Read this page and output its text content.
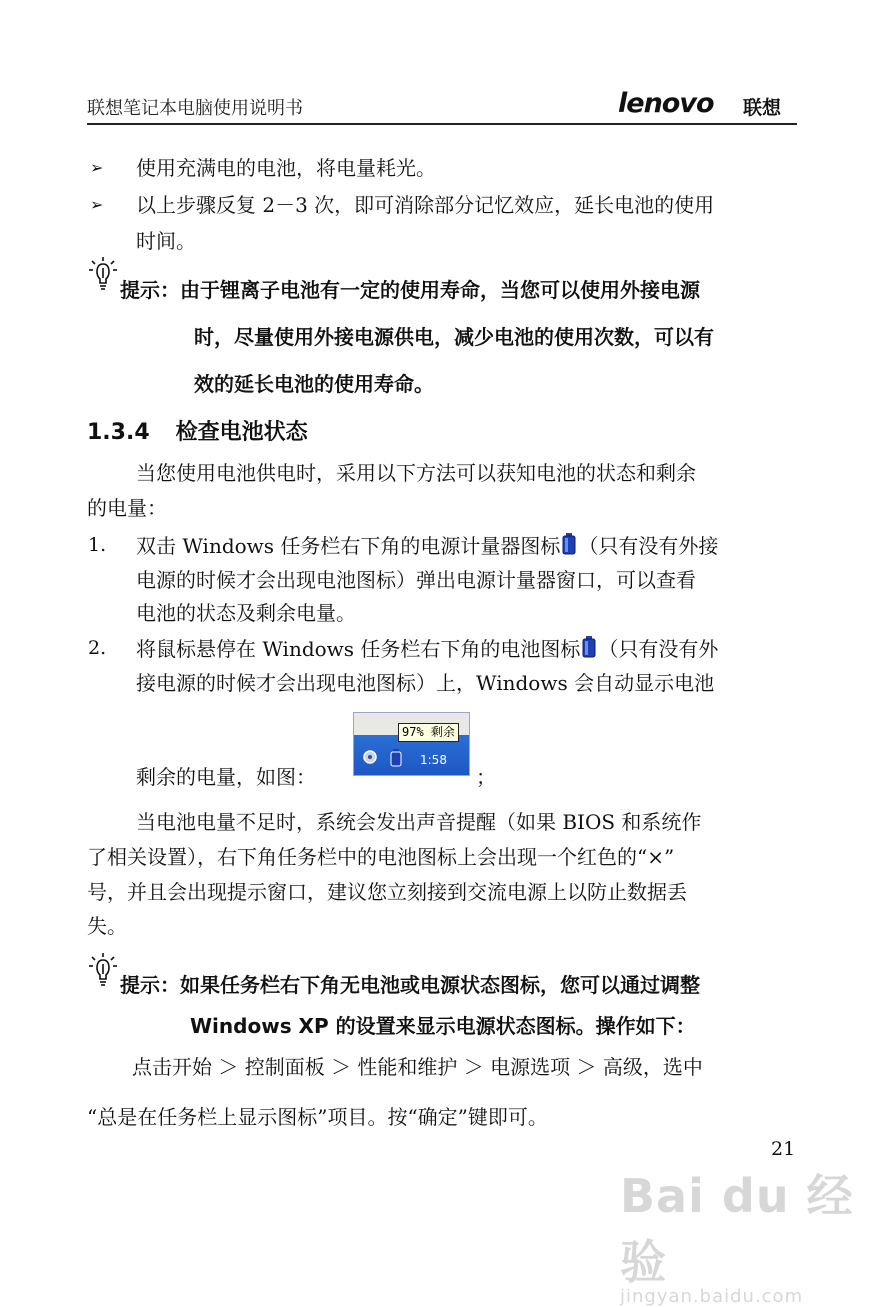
联想笔记本电脑使用说明书	lenovo 联想
➢ 使用充满电的电池，将电量耗光。
➢ 以上步骤反复 2－3 次，即可消除部分记忆效应，延长电池的使用
时间。
提示：由于锂离子电池有一定的使用寿命，当您可以使用外接电源
时，尽量使用外接电源供电，减少电池的使用次数，可以有
效的延长电池的使用寿命。
1.3.4 检查电池状态
当您使用电池供电时，采用以下方法可以获知电池的状态和剩余
的电量：
1. 双击 Windows 任务栏右下角的电源计量器图标 （只有没有外接
电源的时候才会出现电池图标）弹出电源计量器窗口，可以查看
电池的状态及剩余电量。
2. 将鼠标悬停在 Windows 任务栏右下角的电池图标 （只有没有外
接电源的时候才会出现电池图标）上，Windows 会自动显示电池
剩余的电量，如图：	；
97% 剩余
1:58
当电池电量不足时，系统会发出声音提醒（如果 BIOS 和系统作
了相关设置），右下角任务栏中的电池图标上会出现一个红色的“×”
号，并且会出现提示窗口，建议您立刻接到交流电源上以防止数据丢
失。
提示：如果任务栏右下角无电池或电源状态图标，您可以通过调整
Windows XP 的设置来显示电源状态图标。操作如下：
点击开始 ＞ 控制面板 ＞ 性能和维护 ＞ 电源选项 ＞ 高级，选中
“总是在任务栏上显示图标”项目。按“确定”键即可。
21
Bai du 经验
jingyan.baidu.com
